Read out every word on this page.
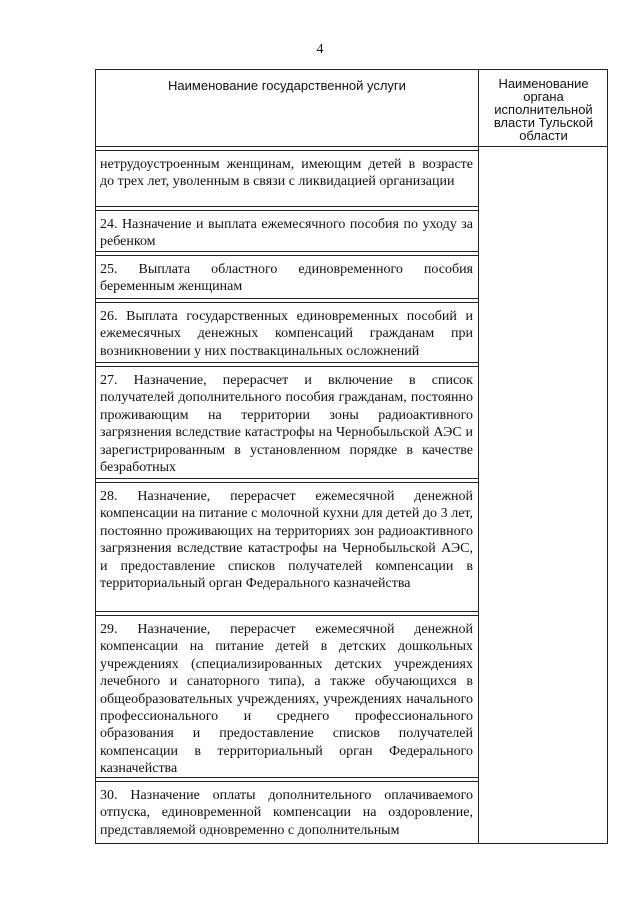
4
Наименование государственной услуги	Наименование органа исполнительной власти Тульской области
нетрудоустроенным женщинам, имеющим детей в возрасте до трех лет, уволенным в связи с ликвидацией организации
24. Назначение и выплата ежемесячного пособия по уходу за ребенком
25. Выплата областного единовременного пособия беременным женщинам
26. Выплата государственных единовременных пособий и ежемесячных денежных компенсаций гражданам при возникновении у них поствакцинальных осложнений
27. Назначение, перерасчет и включение в список получателей дополнительного пособия гражданам, постоянно проживающим на территории зоны радиоактивного загрязнения вследствие катастрофы на Чернобыльской АЭС и зарегистрированным в установленном порядке в качестве безработных
28. Назначение, перерасчет ежемесячной денежной компенсации на питание с молочной кухни для детей до 3 лет, постоянно проживающих на территориях зон радиоактивного загрязнения вследствие катастрофы на Чернобыльской АЭС, и предоставление списков получателей компенсации в территориальный орган Федерального казначейства
29. Назначение, перерасчет ежемесячной денежной компенсации на питание детей в детских дошкольных учреждениях (специализированных детских учреждениях лечебного и санаторного типа), а также обучающихся в общеобразовательных учреждениях, учреждениях начального профессионального и среднего профессионального образования и предоставление списков получателей компенсации в территориальный орган Федерального казначейства
30. Назначение оплаты дополнительного оплачиваемого отпуска, единовременной компенсации на оздоровление, представляемой одновременно с дополнительным
